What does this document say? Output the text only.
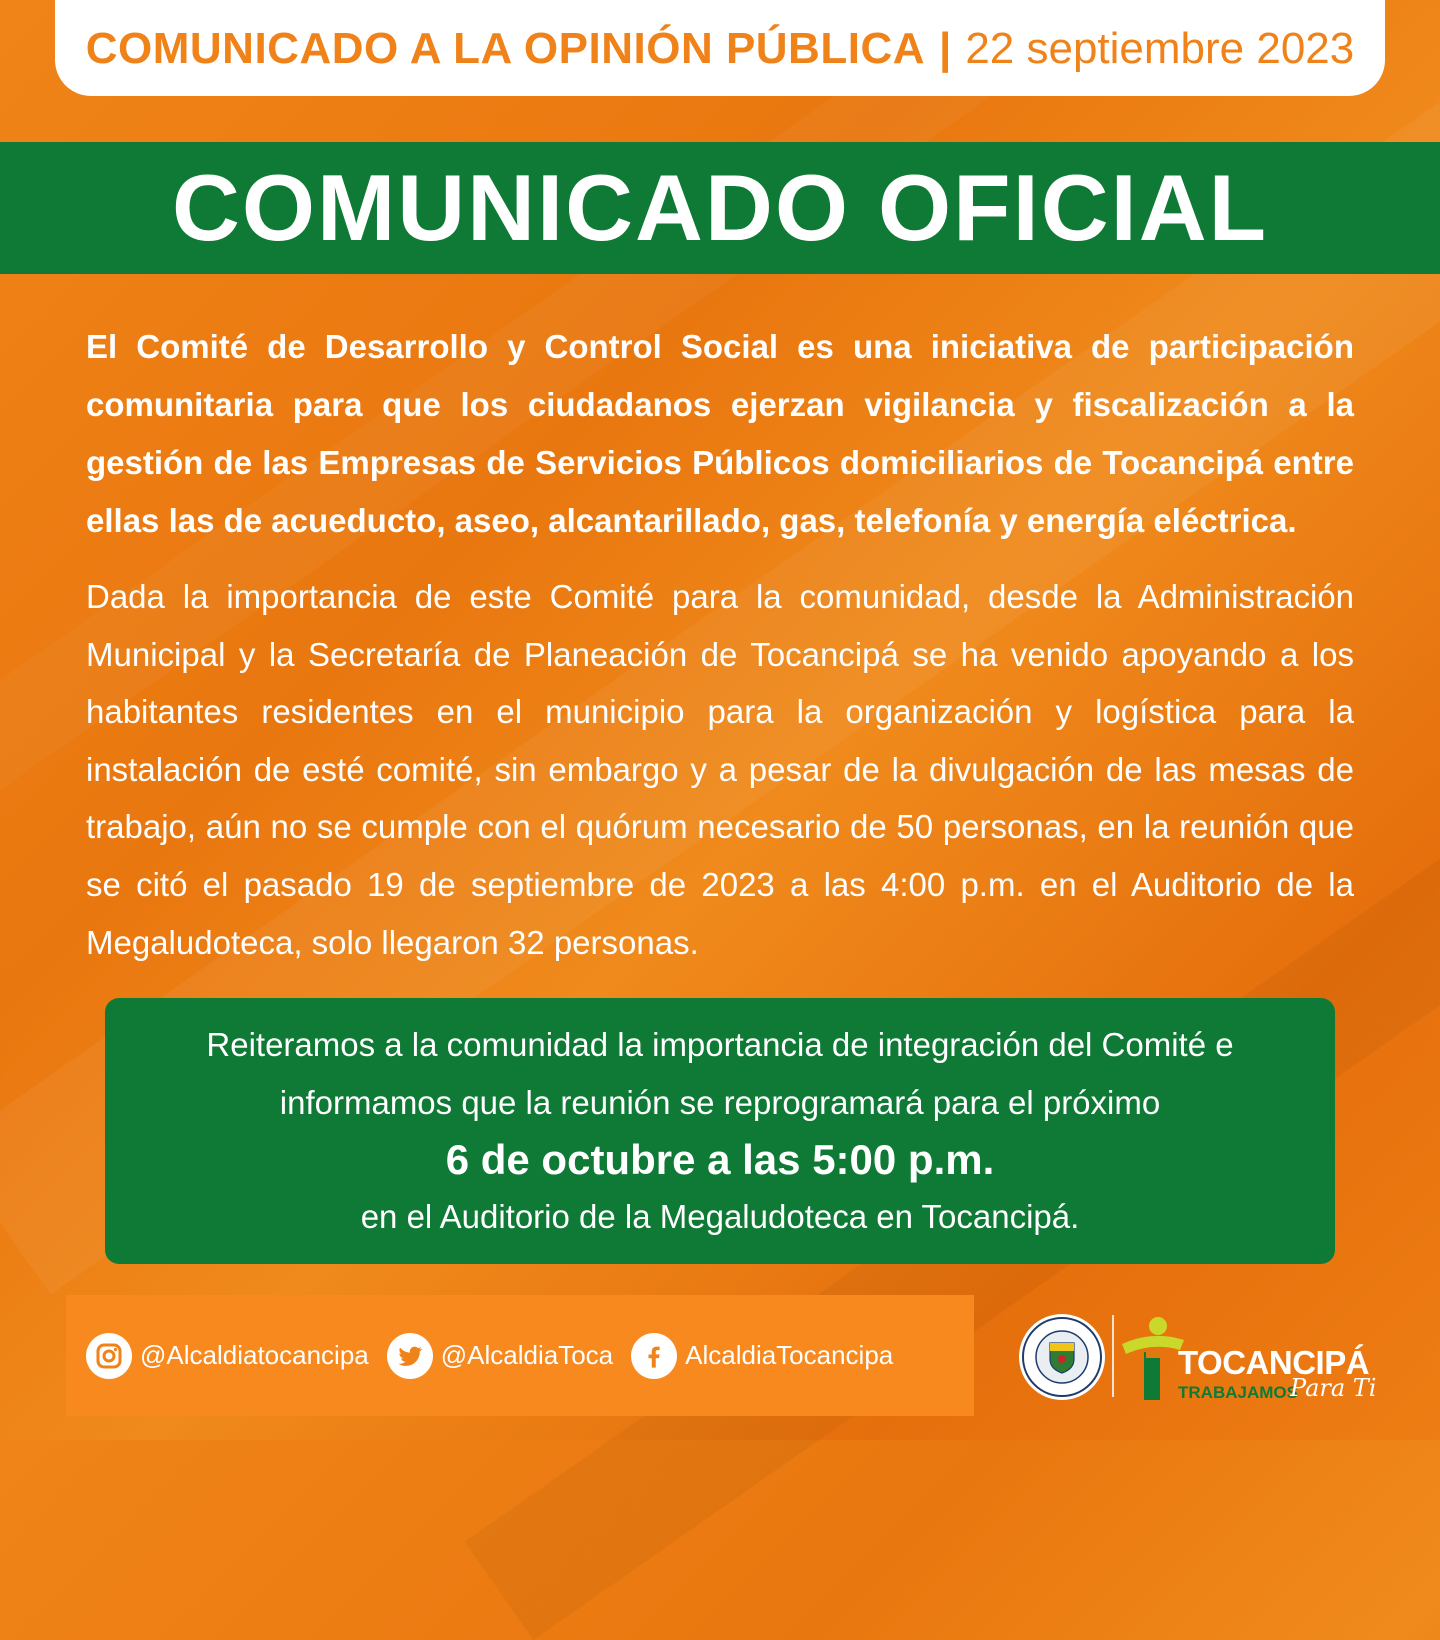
COMUNICADO A LA OPINIÓN PÚBLICA | 22 septiembre 2023
COMUNICADO OFICIAL

El Comité de Desarrollo y Control Social es una iniciativa de participación comunitaria para que los ciudadanos ejerzan vigilancia y fiscalización a la gestión de las Empresas de Servicios Públicos domiciliarios de Tocancipá entre ellas las de acueducto, aseo, alcantarillado, gas, telefonía y energía eléctrica.

Dada la importancia de este Comité para la comunidad, desde la Administración Municipal y la Secretaría de Planeación de Tocancipá se ha venido apoyando a los habitantes residentes en el municipio para la organización y logística para la instalación de esté comité, sin embargo y a pesar de la divulgación de las mesas de trabajo, aún no se cumple con el quórum necesario de 50 personas, en la reunión que se citó el pasado 19 de septiembre de 2023 a las 4:00 p.m. en el Auditorio de la Megaludoteca, solo llegaron 32 personas.

Reiteramos a la comunidad la importancia de integración del Comité e
informamos que la reunión se reprogramará para el próximo
6 de octubre a las 5:00 p.m.
en el Auditorio de la Megaludoteca en Tocancipá.
@Alcaldiatocancipa	@AlcaldiaToca	AlcaldiaTocancipa	TOCANCIPÁ
TRABAJAMOS
Para Ti
